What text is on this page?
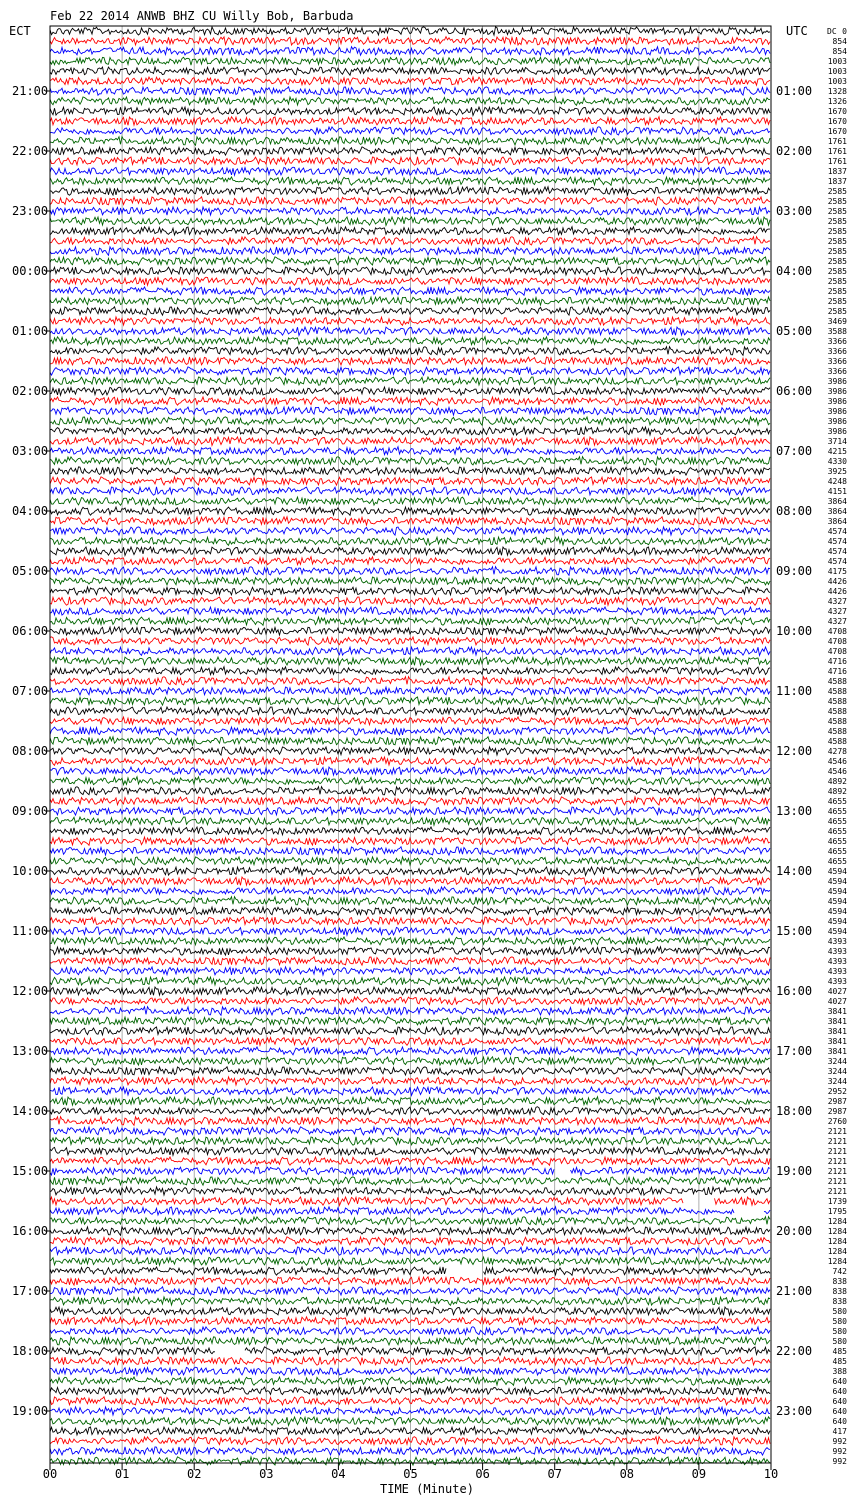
Feb 22 2014 ANWB BHZ CU Willy Bob, Barbuda
ECT	UTC
00	01	02	03	04	05	06	07	08	09	10
21:00
22:00
23:00
00:00
01:00
02:00
03:00
04:00
05:00
06:00
07:00
08:00
09:00
10:00
11:00
12:00
13:00
14:00
15:00
16:00
17:00
18:00
19:00
01:00
02:00
03:00
04:00
05:00
06:00
07:00
08:00
09:00
10:00
11:00
12:00
13:00
14:00
15:00
16:00
17:00
18:00
19:00
20:00
21:00
22:00
23:00
DC 0
854
854
1003
1003
1003
1328
1326
1670
1670
1670
1761
1761
1761
1837
1837
2585
2585
2585
2585
2585
2585
2585
2585
2585
2585
2585
2585
2585
3469
3588
3366
3366
3366
3366
3986
3986
3986
3986
3986
3986
3714
4215
4330
3925
4248
4151
3864
3864
3864
4574
4574
4574
4574
4175
4426
4426
4327
4327
4327
4708
4708
4708
4716
4716
4588
4588
4588
4588
4588
4588
4588
4278
4546
4546
4892
4892
4655
4655
4655
4655
4655
4655
4655
4594
4594
4594
4594
4594
4594
4594
4393
4393
4393
4393
4393
4027
4027
3841
3841
3841
3841
3841
3244
3244
3244
2952
2987
2987
2760
2121
2121
2121
2121
2121
2121
2121
1739
1795
1284
1284
1284
1284
1284
742
838
838
838
580
580
580
580
485
485
388
640
640
640
640
640
417
992
992
992
TIME (Minute)
